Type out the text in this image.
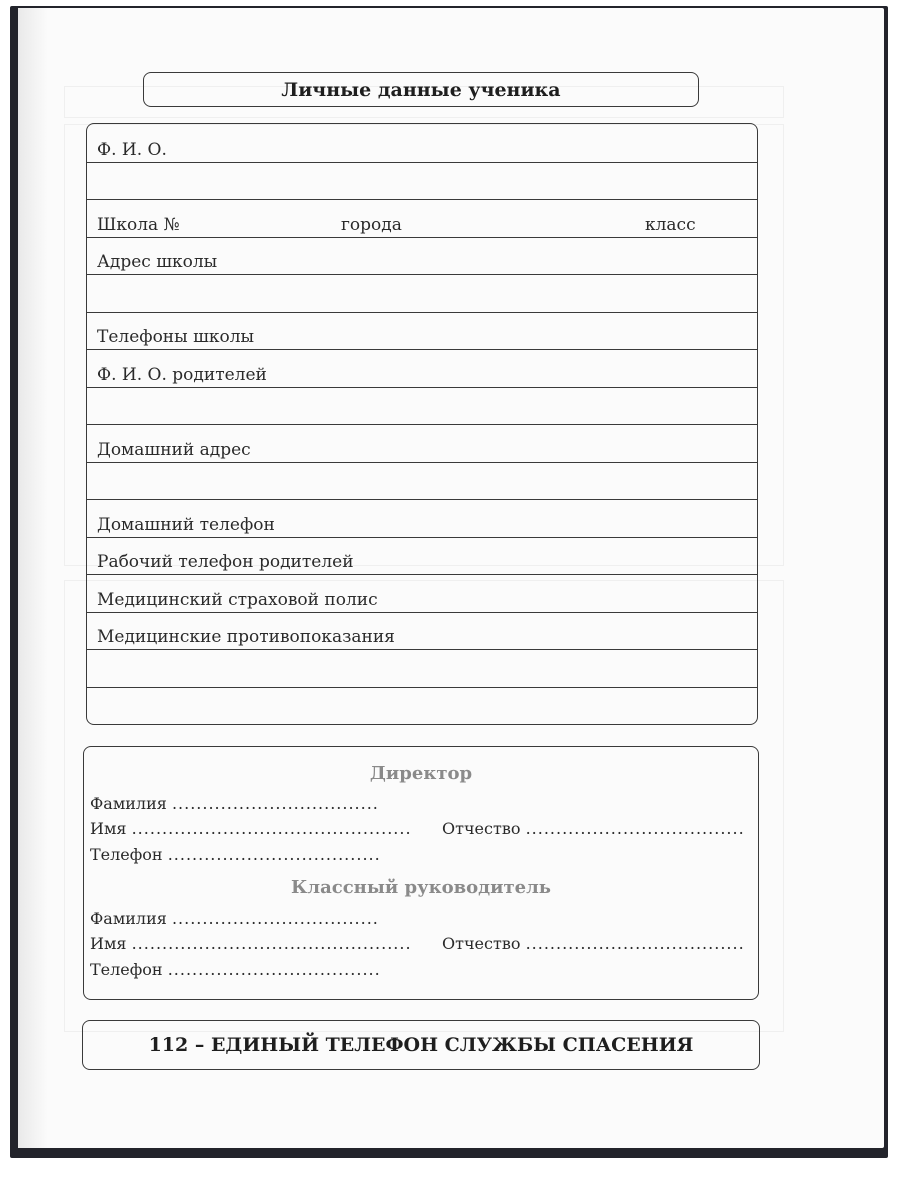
Личные данные ученика
Ф. И. О.
Школа №	города	класс
Адрес школы
Телефоны школы
Ф. И. О. родителей
Домашний адрес
Домашний телефон
Рабочий телефон родителей
Медицинский страховой полис
Медицинские противопоказания
Директор
Фамилия ..................................
Имя .............................................. Отчество ....................................
Телефон ...................................
Классный руководитель
Фамилия ..................................
Имя .............................................. Отчество ....................................
Телефон ...................................
112 – ЕДИНЫЙ ТЕЛЕФОН СЛУЖБЫ СПАСЕНИЯ
